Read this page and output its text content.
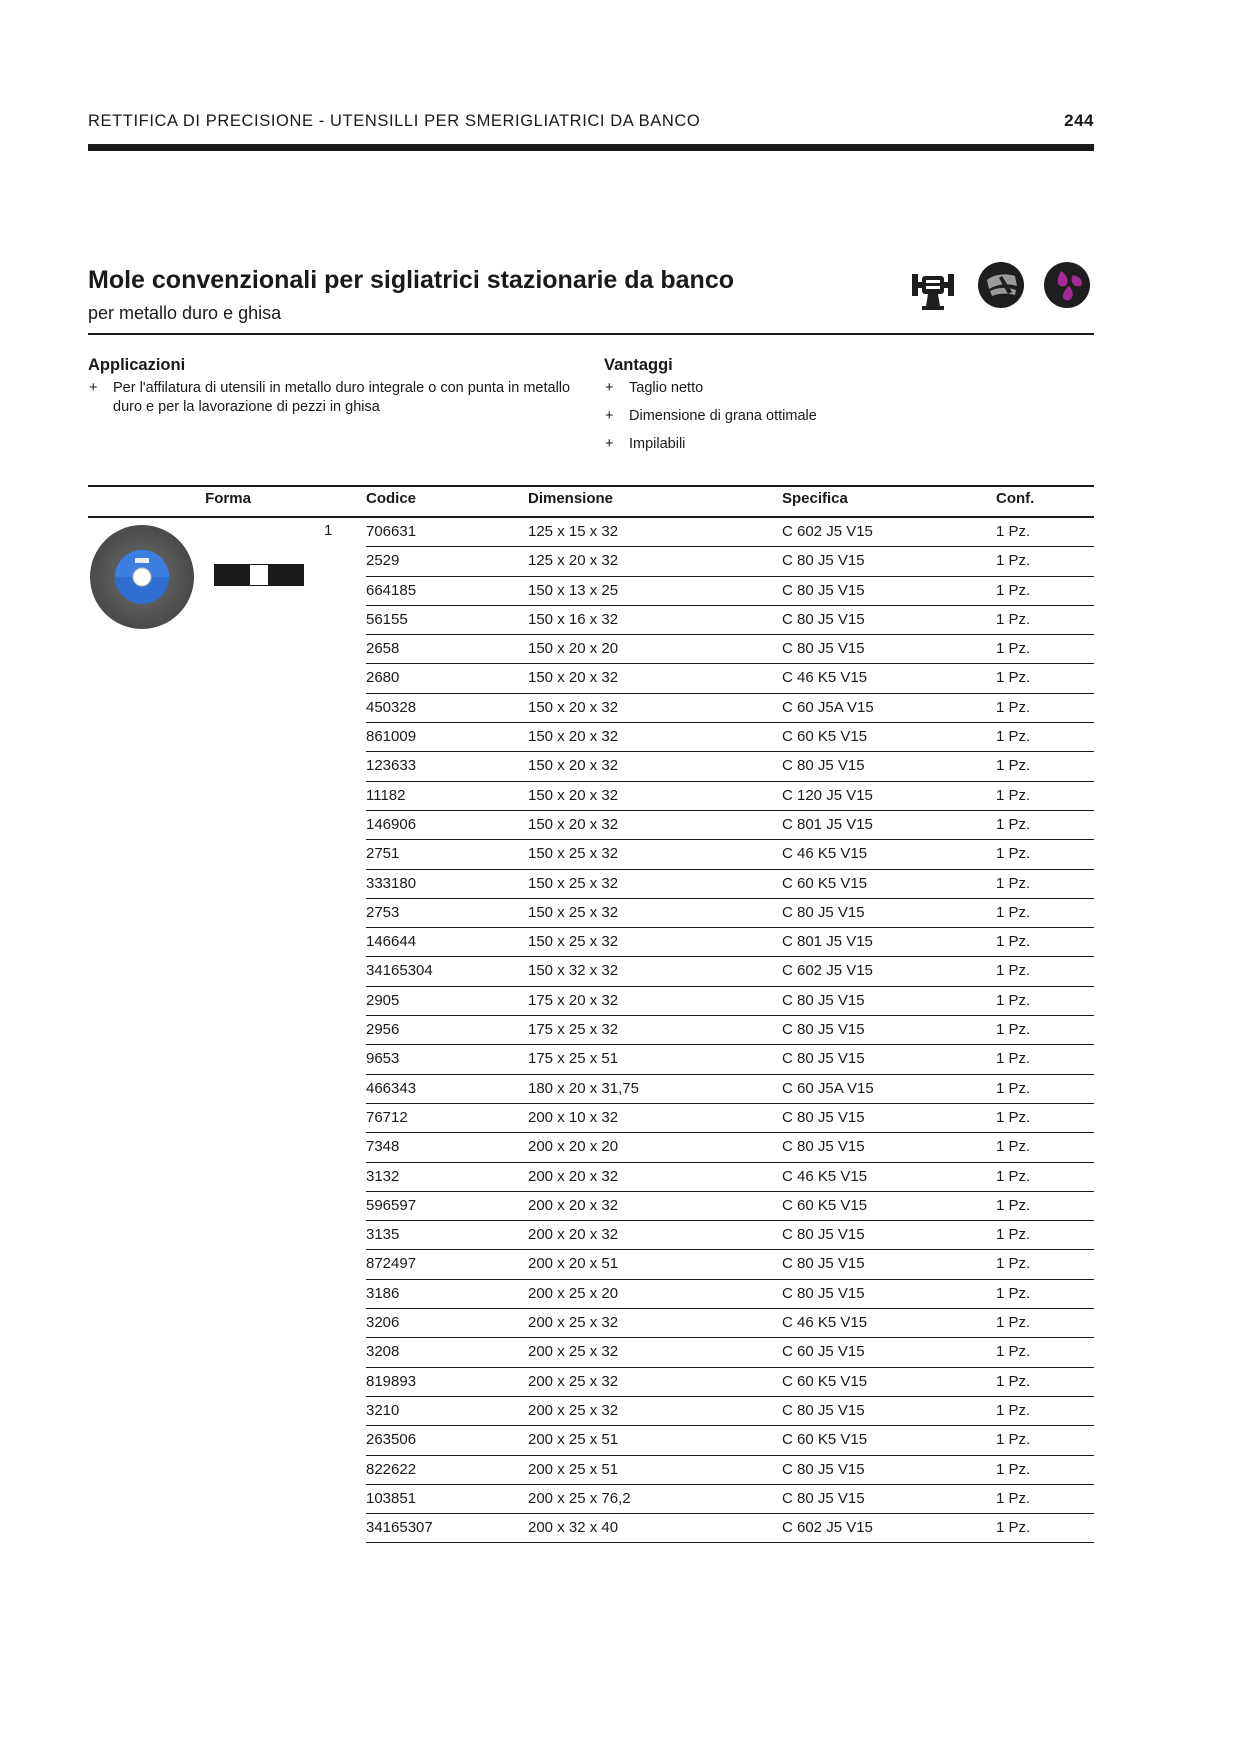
RETTIFICA DI PRECISIONE - UTENSILLI PER SMERIGLIATRICI DA BANCO	244
Mole convenzionali per sigliatrici stazionarie da banco
per metallo duro e ghisa
Applicazioni
+ Per l'affilatura di utensili in metallo duro integrale o con punta in metallo duro e per la lavorazione di pezzi in ghisa
Vantaggi
+ Taglio netto
+ Dimensione di grana ottimale
+ Impilabili
Forma	Codice	Dimensione	Specifica	Conf.
1 706631	125 x 15 x 32	C 602 J5 V15	1 Pz.
2529	125 x 20 x 32	C 80 J5 V15	1 Pz.
664185	150 x 13 x 25	C 80 J5 V15	1 Pz.
56155	150 x 16 x 32	C 80 J5 V15	1 Pz.
2658	150 x 20 x 20	C 80 J5 V15	1 Pz.
2680	150 x 20 x 32	C 46 K5 V15	1 Pz.
450328	150 x 20 x 32	C 60 J5A V15	1 Pz.
861009	150 x 20 x 32	C 60 K5 V15	1 Pz.
123633	150 x 20 x 32	C 80 J5 V15	1 Pz.
11182	150 x 20 x 32	C 120 J5 V15	1 Pz.
146906	150 x 20 x 32	C 801 J5 V15	1 Pz.
2751	150 x 25 x 32	C 46 K5 V15	1 Pz.
333180	150 x 25 x 32	C 60 K5 V15	1 Pz.
2753	150 x 25 x 32	C 80 J5 V15	1 Pz.
146644	150 x 25 x 32	C 801 J5 V15	1 Pz.
34165304	150 x 32 x 32	C 602 J5 V15	1 Pz.
2905	175 x 20 x 32	C 80 J5 V15	1 Pz.
2956	175 x 25 x 32	C 80 J5 V15	1 Pz.
9653	175 x 25 x 51	C 80 J5 V15	1 Pz.
466343	180 x 20 x 31,75	C 60 J5A V15	1 Pz.
76712	200 x 10 x 32	C 80 J5 V15	1 Pz.
7348	200 x 20 x 20	C 80 J5 V15	1 Pz.
3132	200 x 20 x 32	C 46 K5 V15	1 Pz.
596597	200 x 20 x 32	C 60 K5 V15	1 Pz.
3135	200 x 20 x 32	C 80 J5 V15	1 Pz.
872497	200 x 20 x 51	C 80 J5 V15	1 Pz.
3186	200 x 25 x 20	C 80 J5 V15	1 Pz.
3206	200 x 25 x 32	C 46 K5 V15	1 Pz.
3208	200 x 25 x 32	C 60 J5 V15	1 Pz.
819893	200 x 25 x 32	C 60 K5 V15	1 Pz.
3210	200 x 25 x 32	C 80 J5 V15	1 Pz.
263506	200 x 25 x 51	C 60 K5 V15	1 Pz.
822622	200 x 25 x 51	C 80 J5 V15	1 Pz.
103851	200 x 25 x 76,2	C 80 J5 V15	1 Pz.
34165307	200 x 32 x 40	C 602 J5 V15	1 Pz.
